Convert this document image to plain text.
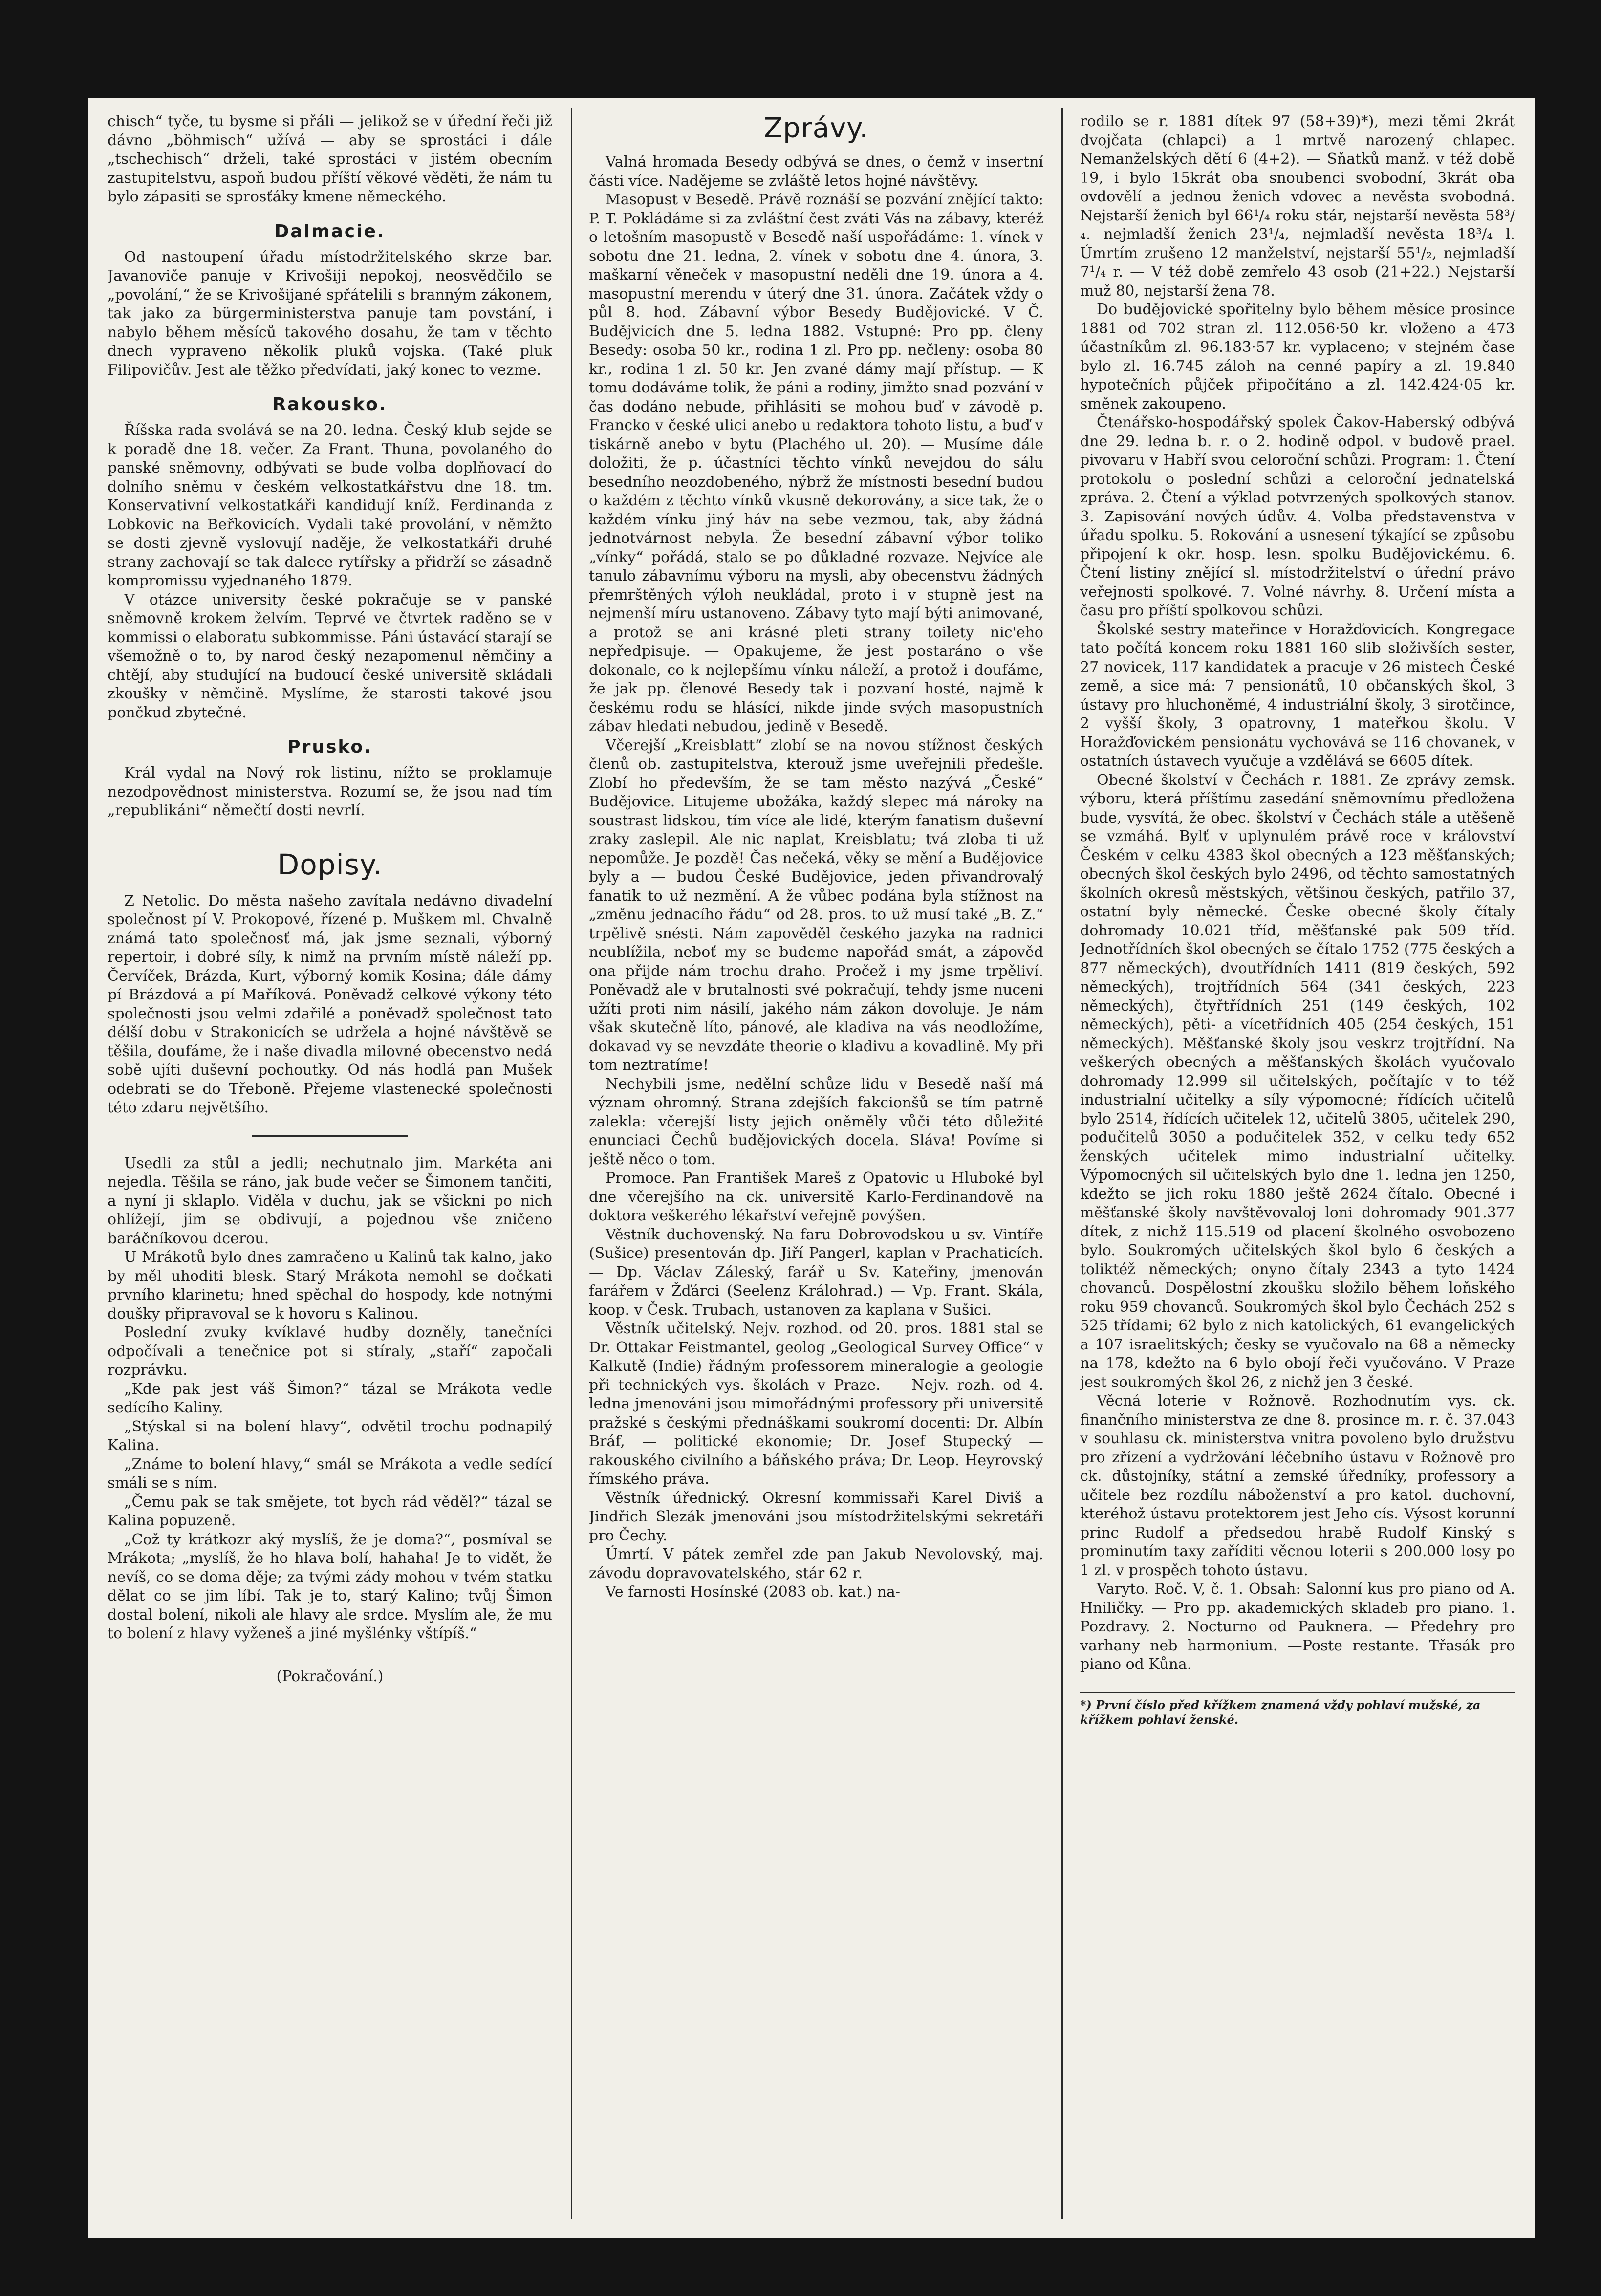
chisch“ tyče, tu bysme si přáli — jelikož se v úřední řeči již dávno „böhmisch“ užívá — aby se sprostáci i dále „tschechisch“ drželi, také sprostáci v jistém obecním zastupitelstvu, aspoň budou příští věkové věděti, že nám tu bylo zápasiti se sprosťáky kmene německého.

Dalmacie.

Od nastoupení úřadu místodržitelského skrze bar. Javanoviče panuje v Krivošiji nepokoj, neosvědčilo se „povolání,“ že se Krivošijané spřátelili s branným zákonem, tak jako za bürgerministerstva panuje tam povstání, i nabylo během měsíců takového dosahu, že tam v těchto dnech vypraveno několik pluků vojska. (Také pluk Filipovičův. Jest ale těžko předvídati, jaký konec to vezme.

Rakousko.

Říšska rada svolává se na 20. ledna. Český klub sejde se k poradě dne 18. večer. Za Frant. Thuna, povolaného do panské sněmovny, odbývati se bude volba doplňovací do dolního sněmu v českém velkostatkářstvu dne 18. tm. Konservativní velkostatkáři kandidují kníž. Ferdinanda z Lobkovic na Beřkovicích. Vydali také provolání, v němžto se dosti zjevně vyslovují naděje, že velkostatkáři druhé strany zachovají se tak dalece rytířsky a přidrží se zásadně kompromissu vyjednaného 1879.

V otázce university české pokračuje se v panské sněmovně krokem želvím. Teprvé ve čtvrtek raděno se v kommissi o elaboratu subkommisse. Páni ústavácí starají se všemožně o to, by narod český nezapomenul němčiny a chtějí, aby studující na budoucí české universitě skládali zkoušky v němčině. Myslíme, že starosti takové jsou pončkud zbytečné.

Prusko.

Král vydal na Nový rok listinu, nížto se proklamuje nezodpovědnost ministerstva. Rozumí se, že jsou nad tím „republikáni“ němečtí dosti nevrlí.

Dopisy.

Z Netolic. Do města našeho zavítala nedávno divadelní společnost pí V. Prokopové, řízené p. Muškem ml. Chvalně známá tato společnosť má, jak jsme seznali, výborný repertoir, i dobré síly, k nimž na prvním místě náleží pp. Červíček, Brázda, Kurt, výborný komik Kosina; dále dámy pí Brázdová a pí Maříková. Poněvadž celkové výkony této společnosti jsou velmi zdařilé a poněvadž společnost tato délší dobu v Strakonicích se udržela a hojné návštěvě se těšila, doufáme, že i naše divadla milovné obecenstvo nedá sobě ujíti duševní pochoutky. Od nás hodlá pan Mušek odebrati se do Třeboně. Přejeme vlastenecké společnosti této zdaru největšího.

Usedli za stůl a jedli; nechutnalo jim. Markéta ani nejedla. Těšila se ráno, jak bude večer se Šimonem tančiti, a nyní ji sklaplo. Viděla v duchu, jak se všickni po nich ohlížejí, jim se obdivují, a pojednou vše zničeno baráčníkovou dcerou.

U Mrákotů bylo dnes zamračeno u Kalinů tak kalno, jako by měl uhoditi blesk. Starý Mrákota nemohl se dočkati prvního klarinetu; hned spěchal do hospody, kde notnými doušky připravoval se k hovoru s Kalinou.

Poslední zvuky kvíklavé hudby dozněly, tanečníci odpočívali a tenečnice pot si stíraly, „staří“ započali rozprávku.

„Kde pak jest váš Šimon?“ tázal se Mrákota vedle sedícího Kaliny.

„Stýskal si na bolení hlavy“, odvětil trochu podnapilý Kalina.

„Známe to bolení hlavy,“ smál se Mrákota a vedle sedící smáli se s ním.

„Čemu pak se tak smějete, tot bych rád věděl?“ tázal se Kalina popuzeně.

„Což ty krátkozr aký myslíš, že je doma?“, posmíval se Mrákota; „myslíš, že ho hlava bolí, hahaha! Je to vidět, že nevíš, co se doma děje; za tvými zády mohou v tvém statku dělat co se jim líbí. Tak je to, starý Kalino; tvůj Šimon dostal bolení, nikoli ale hlavy ale srdce. Myslím ale, že mu to bolení z hlavy vyženeš a jiné myšlénky vštípíš.“

(Pokračování.)
Zprávy.

Valná hromada Besedy odbývá se dnes, o čemž v insertní části více. Nadějeme se zvláště letos hojné návštěvy.

Masopust v Besedě. Právě roznáší se pozvání znějící takto: P. T. Pokládáme si za zvláštní čest zváti Vás na zábavy, kteréž o letošním masopustě v Besedě naší uspořádáme: 1. vínek v sobotu dne 21. ledna, 2. vínek v sobotu dne 4. února, 3. maškarní věneček v masopustní neděli dne 19. února a 4. masopustní merendu v úterý dne 31. února. Začátek vždy o půl 8. hod. Zábavní výbor Besedy Budějovické. V Č. Budějvicích dne 5. ledna 1882. Vstupné: Pro pp. členy Besedy: osoba 50 kr., rodina 1 zl. Pro pp. nečleny: osoba 80 kr., rodina 1 zl. 50 kr. Jen zvané dámy mají přístup. — K tomu dodáváme tolik, že páni a rodiny, jimžto snad pozvání v čas dodáno nebude, přihlásiti se mohou buď v závodě p. Francko v české ulici anebo u redaktora tohoto listu, a buď v tiskárně anebo v bytu (Plachého ul. 20). — Musíme dále doložiti, že p. účastníci těchto vínků nevejdou do sálu besedního neozdobeného, nýbrž že místnosti besední budou o každém z těchto vínků vkusně dekorovány, a sice tak, že o každém vínku jiný háv na sebe vezmou, tak, aby žádná jednotvárnost nebyla. Že besední zábavní výbor toliko „vínky“ pořádá, stalo se po důkladné rozvaze. Nejvíce ale tanulo zábavnímu výboru na mysli, aby obecenstvu žádných přemrštěných výloh neukládal, proto i v stupně jest na nejmenší míru ustanoveno. Zábavy tyto mají býti animované, a protož se ani krásné pleti strany toilety nic'eho nepředpisuje. — Opakujeme, že jest postaráno o vše dokonale, co k nejlepšímu vínku náleží, a protož i doufáme, že jak pp. členové Besedy tak i pozvaní hosté, najmě k českému rodu se hlásící, nikde jinde svých masopustních zábav hledati nebudou, jedině v Besedě.

Včerejší „Kreisblatt“ zlobí se na novou stížnost českých členů ob. zastupitelstva, kterouž jsme uveřejnili předešle. Zlobí ho především, že se tam město nazývá „České“ Budějovice. Litujeme ubožáka, každý slepec má nároky na soustrast lidskou, tím více ale lidé, kterým fanatism duševní zraky zaslepil. Ale nic naplat, Kreisblatu; tvá zloba ti už nepomůže. Je pozdě! Čas nečeká, věky se mění a Budějovice byly a — budou České Budějovice, jeden přivandrovalý fanatik to už nezmění. A že vůbec podána byla stížnost na „změnu jednacího řádu“ od 28. pros. to už musí také „B. Z.“ trpělivě snésti. Nám zapověděl českého jazyka na radnici neublížila, neboť my se budeme napořád smát, a zápověď ona přijde nám trochu draho. Pročež i my jsme trpěliví. Poněvadž ale v brutalnosti své pokračují, tehdy jsme nuceni užíti proti nim násilí, jakého nám zákon dovoluje. Je nám však skutečně líto, pánové, ale kladiva na vás neodložíme, dokavad vy se nevzdáte theorie o kladivu a kovadlině. My při tom neztratíme!

Nechybili jsme, nedělní schůze lidu v Besedě naší má význam ohromný. Strana zdejších fakcionšů se tím patrně zalekla: včerejší listy jejich oněměly vůči této důležité enunciaci Čechů budějovických docela. Sláva! Povíme si ještě něco o tom.

Promoce. Pan František Mareš z Opatovic u Hluboké byl dne včerejšího na ck. universitě Karlo-Ferdinandově na doktora veškerého lékařství veřejně povýšen.

Věstník duchovenský. Na faru Dobrovodskou u sv. Vintíře (Sušice) presentován dp. Jiří Pangerl, kaplan v Prachaticích. — Dp. Václav Záleský, farář u Sv. Kateřiny, jmenován farářem v Žďárci (Seelenz Králohrad.) — Vp. Frant. Skála, koop. v Česk. Trubach, ustanoven za kaplana v Sušici.

Věstník učitelský. Nejv. rozhod. od 20. pros. 1881 stal se Dr. Ottakar Feistmantel, geolog „Geological Survey Office“ v Kalkutě (Indie) řádným professorem mineralogie a geologie při technických vys. školách v Praze. — Nejv. rozh. od 4. ledna jmenováni jsou mimořádnými professory při universitě pražské s českými přednáškami soukromí docenti: Dr. Albín Bráf, — politické ekonomie; Dr. Josef Stupecký — rakouského civilního a báňského práva; Dr. Leop. Heyrovský římského práva.

Věstník úřednický. Okresní kommissaři Karel Diviš a Jindřich Slezák jmenováni jsou místodržitelskými sekretáři pro Čechy.

Úmrtí. V pátek zemřel zde pan Jakub Nevolovský, maj. závodu dopravovatelského, stár 62 r.

Ve farnosti Hosínské (2083 ob. kat.) na-

rodilo se r. 1881 dítek 97 (58+39)*), mezi těmi 2krát dvojčata (chlapci) a 1 mrtvě narozený chlapec. Nemanželských dětí 6 (4+2). — Sňatků manž. v též době 19, i bylo 15krát oba snoubenci svobodní, 3krát oba ovdovělí a jednou ženich vdovec a nevěsta svobodná. Nejstarší ženich byl 66¹/₄ roku stár, nejstarší nevěsta 58³/₄. nejmladší ženich 23¹/₄, nejmladší nevěsta 18³/₄ l. Úmrtím zrušeno 12 manželství, nejstarší 55¹/₂, nejmladší 7¹/₄ r. — V též době zemřelo 43 osob (21+22.) Nejstarší muž 80, nejstarší žena 78.

Do budějovické spořitelny bylo během měsíce prosince 1881 od 702 stran zl. 112.056·50 kr. vloženo a 473 účastníkům zl. 96.183·57 kr. vyplaceno; v stejném čase bylo zl. 16.745 záloh na cenné papíry a zl. 19.840 hypotečních půjček připočítáno a zl. 142.424·05 kr. směnek zakoupeno.

Čtenářsko-hospodářský spolek Čakov-Haberský odbývá dne 29. ledna b. r. o 2. hodině odpol. v budově prael. pivovaru v Habří svou celoroční schůzi. Program: 1. Čtení protokolu o poslední schůzi a celoroční jednatelská zpráva. 2. Čtení a výklad potvrzených spolkových stanov. 3. Zapisování nových údův. 4. Volba představenstva v úřadu spolku. 5. Rokování a usnesení týkající se způsobu připojení k okr. hosp. lesn. spolku Budějovickému. 6. Čtení listiny znějící sl. místodržitelství o úřední právo veřejnosti spolkové. 7. Volné návrhy. 8. Určení místa a času pro příští spolkovou schůzi.

Školské sestry mateřince v Horažďovicích. Kongregace tato počítá koncem roku 1881 160 slib složivších sester, 27 novicek, 117 kandidatek a pracuje v 26 mistech České země, a sice má: 7 pensionátů, 10 občanských škol, 3 ústavy pro hluchoněmé, 4 industriální školy, 3 sirotčince, 2 vyšší školy, 3 opatrovny, 1 mateřkou školu. V Horažďovickém pensionátu vychovává se 116 chovanek, v ostatních ústavech vyučuje a vzdělává se 6605 dítek.

Obecné školství v Čechách r. 1881. Ze zprávy zemsk. výboru, která příštímu zasedání sněmovnímu předložena bude, vysvítá, že obec. školství v Čechách stále a utěšeně se vzmáhá. Bylť v uplynulém právě roce v království Českém v celku 4383 škol obecných a 123 měšťanských; obecných škol českých bylo 2496, od těchto samostatných školních okresů městských, většinou českých, patřilo 37, ostatní byly německé. Česke obecné školy čítaly dohromady 10.021 tříd, měšťanské pak 509 tříd. Jednotřídních škol obecných se čítalo 1752 (775 českých a 877 německých), dvoutřídních 1411 (819 českých, 592 německých), trojtřídních 564 (341 českých, 223 německých), čtyřtřídních 251 (149 českých, 102 německých), pěti- a vícetřídních 405 (254 českých, 151 německých). Měšťanské školy jsou veskrz trojtřídní. Na veškerých obecných a měšťanských školách vyučovalo dohromady 12.999 sil učitelských, počítajíc v to též industrialní učitelky a síly výpomocné; řídících učitelů bylo 2514, řídících učitelek 12, učitelů 3805, učitelek 290, podučitelů 3050 a podučitelek 352, v celku tedy 652 ženských učitelek mimo industrialní učitelky. Výpomocných sil učitelských bylo dne 1. ledna jen 1250, kdežto se jich roku 1880 ještě 2624 čítalo. Obecné i měšťanské školy navštěvovaloj loni dohromady 901.377 dítek, z nichž 115.519 od placení školného osvobozeno bylo. Soukromých učitelských škol bylo 6 českých a toliktéž německých; onyno čítaly 2343 a tyto 1424 chovanců. Dospělostní zkoušku složilo během loňského roku 959 chovanců. Soukromých škol bylo Čechách 252 s 525 třídami; 62 bylo z nich katolických, 61 evangelických a 107 israelitských; česky se vyučovalo na 68 a německy na 178, kdežto na 6 bylo obojí řeči vyučováno. V Praze jest soukromých škol 26, z nichž jen 3 české.

Věcná loterie v Rožnově. Rozhodnutím vys. ck. finančního ministerstva ze dne 8. prosince m. r. č. 37.043 v souhlasu ck. ministerstva vnitra povoleno bylo družstvu pro zřízení a vydržování léčebního ústavu v Rožnově pro ck. důstojníky, státní a zemské úředníky, professory a učitele bez rozdílu náboženství a pro katol. duchovní, kteréhož ústavu protektorem jest Jeho cís. Výsost korunní princ Rudolf a předsedou hrabě Rudolf Kinský s prominutím taxy zaříditi věcnou loterii s 200.000 losy po 1 zl. v prospěch tohoto ústavu.

Varyto. Roč. V, č. 1. Obsah: Salonní kus pro piano od A. Hniličky. — Pro pp. akademických skladeb pro piano. 1. Pozdravy. 2. Nocturno od Pauknera. — Předehry pro varhany neb harmonium. —Poste restante. Třasák pro piano od Kůna.

*) První číslo před křížkem znamená vždy pohlaví mužské, za křížkem pohlaví ženské.
